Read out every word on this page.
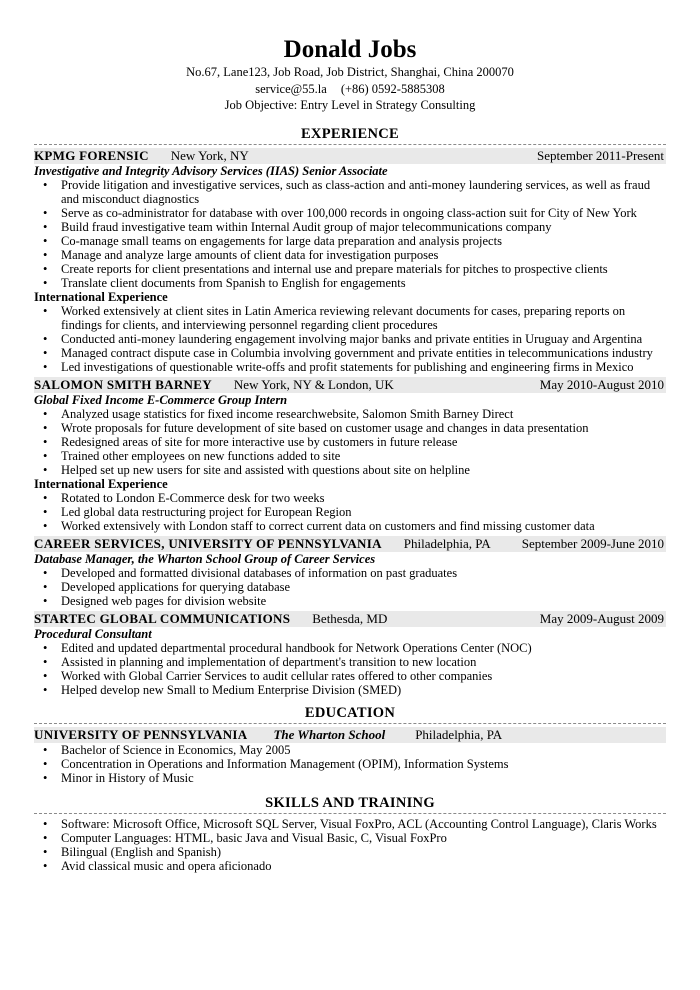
Donald Jobs
No.67, Lane123, Job Road, Job District, Shanghai, China 200070
service@55.la (+86) 0592-5885308
Job Objective: Entry Level in Strategy Consulting
EXPERIENCE
KPMG FORENSIC New York, NY	September 2011-Present
Investigative and Integrity Advisory Services (IIAS) Senior Associate
• Provide litigation and investigative services, such as class-action and anti-money laundering services, as well as fraud and misconduct diagnostics
• Serve as co-administrator for database with over 100,000 records in ongoing class-action suit for City of New York
• Build fraud investigative team within Internal Audit group of major telecommunications company
• Co-manage small teams on engagements for large data preparation and analysis projects
• Manage and analyze large amounts of client data for investigation purposes
• Create reports for client presentations and internal use and prepare materials for pitches to prospective clients
• Translate client documents from Spanish to English for engagements
International Experience
• Worked extensively at client sites in Latin America reviewing relevant documents for cases, preparing reports on findings for clients, and interviewing personnel regarding client procedures
• Conducted anti-money laundering engagement involving major banks and private entities in Uruguay and Argentina
• Managed contract dispute case in Columbia involving government and private entities in telecommunications industry
• Led investigations of questionable write-offs and profit statements for publishing and engineering firms in Mexico
SALOMON SMITH BARNEY New York, NY & London, UK	May 2010-August 2010
Global Fixed Income E-Commerce Group Intern
• Analyzed usage statistics for fixed income researchwebsite, Salomon Smith Barney Direct
• Wrote proposals for future development of site based on customer usage and changes in data presentation
• Redesigned areas of site for more interactive use by customers in future release
• Trained other employees on new functions added to site
• Helped set up new users for site and assisted with questions about site on helpline
International Experience
• Rotated to London E-Commerce desk for two weeks
• Led global data restructuring project for European Region
• Worked extensively with London staff to correct current data on customers and find missing customer data
CAREER SERVICES, UNIVERSITY OF PENNSYLVANIA Philadelphia, PA September 2009-June 2010
Database Manager, the Wharton School Group of Career Services
• Developed and formatted divisional databases of information on past graduates
• Developed applications for querying database
• Designed web pages for division website
STARTEC GLOBAL COMMUNICATIONS Bethesda, MD	May 2009-August 2009
Procedural Consultant
• Edited and updated departmental procedural handbook for Network Operations Center (NOC)
• Assisted in planning and implementation of department's transition to new location
• Worked with Global Carrier Services to audit cellular rates offered to other companies
• Helped develop new Small to Medium Enterprise Division (SMED)
EDUCATION
UNIVERSITY OF PENNSYLVANIA The Wharton School Philadelphia, PA
• Bachelor of Science in Economics, May 2005
• Concentration in Operations and Information Management (OPIM), Information Systems
• Minor in History of Music
SKILLS AND TRAINING
• Software: Microsoft Office, Microsoft SQL Server, Visual FoxPro, ACL (Accounting Control Language), Claris Works
• Computer Languages: HTML, basic Java and Visual Basic, C, Visual FoxPro
• Bilingual (English and Spanish)
• Avid classical music and opera aficionado
